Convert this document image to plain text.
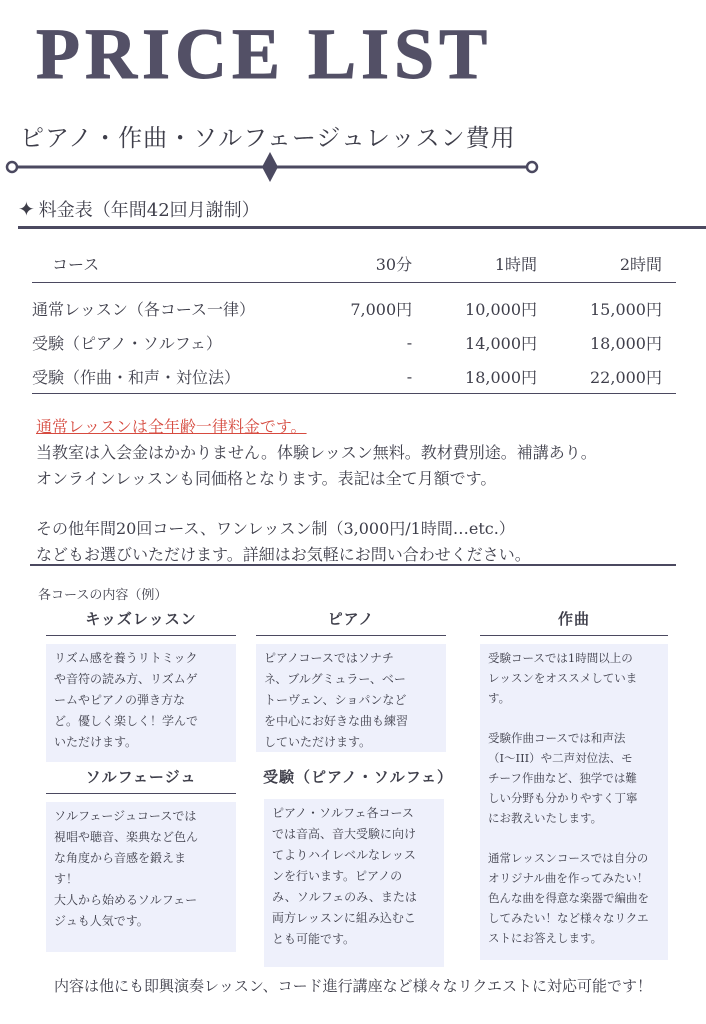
PRICE LIST
ピアノ・作曲・ソルフェージュレッスン費用
✦ 料金表（年間42回月謝制）
コース	30分	1時間	2時間
通常レッスン（各コース一律）	7,000円	10,000円	15,000円
受験（ピアノ・ソルフェ）	-	14,000円	18,000円
受験（作曲・和声・対位法）	-	18,000円	22,000円

通常レッスンは全年齢一律料金です。

当教室は入会金はかかりません。体験レッスン無料。教材費別途。補講あり。

オンラインレッスンも同価格となります。表記は全て月額です。

その他年間20回コース、ワンレッスン制（3,000円/1時間…etc.）

などもお選びいただけます。詳細はお気軽にお問い合わせください。

各コースの内容（例）
キッズレッスン
リズム感を養うリトミック
や音符の読み方、リズムゲ
ームやピアノの弾き方な
ど。優しく楽しく！学んで
いただけます。
ピアノ
ピアノコースではソナチ
ネ、ブルグミュラー、ベー
トーヴェン、ショパンなど
を中心にお好きな曲も練習
していただけます。
作曲
受験コースでは1時間以上の
レッスンをオススメしていま
す。
受験作曲コースでは和声法
（I〜III）や二声対位法、モ
チーフ作曲など、独学では難
しい分野も分かりやすく丁寧
にお教えいたします。
通常レッスンコースでは自分の
オリジナル曲を作ってみたい！
色んな曲を得意な楽器で編曲を
してみたい！など様々なリクエ
ストにお答えします。
ソルフェージュ
ソルフェージュコースでは
視唱や聴音、楽典など色ん
な角度から音感を鍛えま
す！
大人から始めるソルフェー
ジュも人気です。
受験（ピアノ・ソルフェ）
ピアノ・ソルフェ各コース
では音高、音大受験に向け
てよりハイレベルなレッス
ンを行います。ピアノの
み、ソルフェのみ、または
両方レッスンに組み込むこ
とも可能です。
内容は他にも即興演奏レッスン、コード進行講座など様々なリクエストに対応可能です！
